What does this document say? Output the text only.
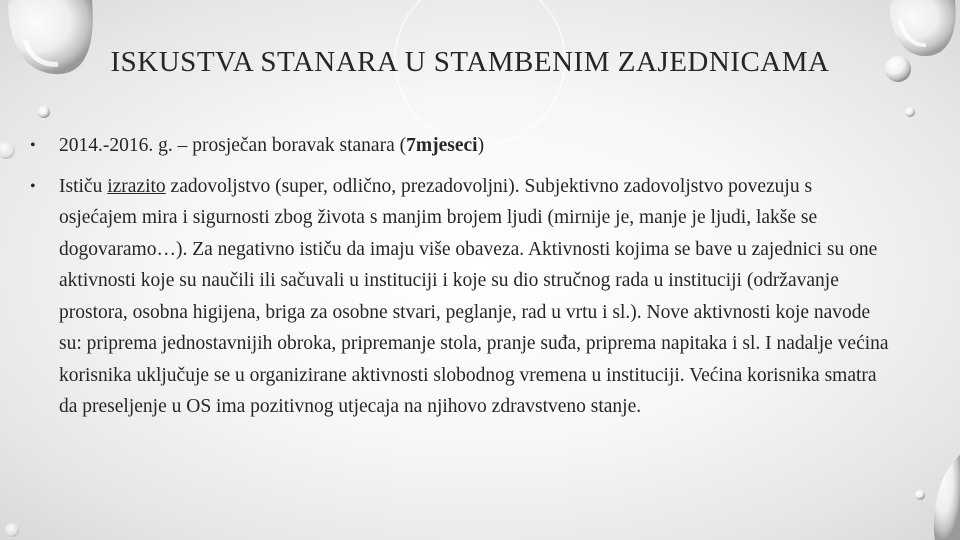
ISKUSTVA STANARA U STAMBENIM ZAJEDNICAMA
• 2014.-2016. g. – prosječan boravak stanara (7mjeseci)
• Ističu izrazito zadovoljstvo (super, odlično, prezadovoljni). Subjektivno zadovoljstvo povezuju s osjećajem mira i sigurnosti zbog života s manjim brojem ljudi (mirnije je, manje je ljudi, lakše se dogovaramo…). Za negativno ističu da imaju više obaveza. Aktivnosti kojima se bave u zajednici su one aktivnosti koje su naučili ili sačuvali u instituciji i koje su dio stručnog rada u instituciji (održavanje prostora, osobna higijena, briga za osobne stvari, peglanje, rad u vrtu i sl.). Nove aktivnosti koje navode su: priprema jednostavnijih obroka, pripremanje stola, pranje suđa, priprema napitaka i sl. I nadalje većina korisnika uključuje se u organizirane aktivnosti slobodnog vremena u instituciji. Većina korisnika smatra da preseljenje u OS ima pozitivnog utjecaja na njihovo zdravstveno stanje.
